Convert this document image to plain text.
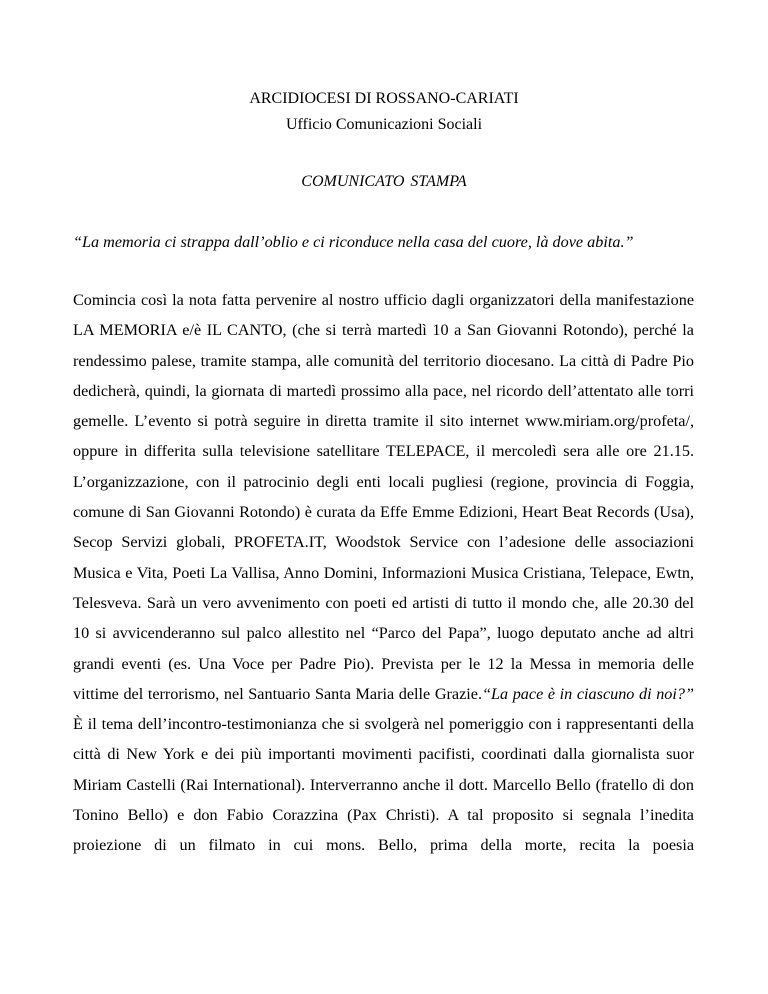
ARCIDIOCESI DI ROSSANO-CARIATI
Ufficio Comunicazioni Sociali
COMUNICATO STAMPA
“La memoria ci strappa dall’oblio e ci riconduce nella casa del cuore, là dove abita.”
Comincia così la nota fatta pervenire al nostro ufficio dagli organizzatori della manifestazione LA MEMORIA e/è IL CANTO, (che si terrà martedì 10 a San Giovanni Rotondo), perché la rendessimo palese, tramite stampa, alle comunità del territorio diocesano. La città di Padre Pio dedicherà, quindi, la giornata di martedì prossimo alla pace, nel ricordo dell’attentato alle torri gemelle. L’evento si potrà seguire in diretta tramite il sito internet www.miriam.org/profeta/, oppure in differita sulla televisione satellitare TELEPACE, il mercoledì sera alle ore 21.15. L’organizzazione, con il patrocinio degli enti locali pugliesi (regione, provincia di Foggia, comune di San Giovanni Rotondo) è curata da Effe Emme Edizioni, Heart Beat Records (Usa), Secop Servizi globali, PROFETA.IT, Woodstok Service con l’adesione delle associazioni Musica e Vita, Poeti La Vallisa, Anno Domini, Informazioni Musica Cristiana, Telepace, Ewtn, Telesveva. Sarà un vero avvenimento con poeti ed artisti di tutto il mondo che, alle 20.30 del 10 si avvicenderanno sul palco allestito nel “Parco del Papa”, luogo deputato anche ad altri grandi eventi (es. Una Voce per Padre Pio). Prevista per le 12 la Messa in memoria delle vittime del terrorismo, nel Santuario Santa Maria delle Grazie.“La pace è in ciascuno di noi?” È il tema dell’incontro-testimonianza che si svolgerà nel pomeriggio con i rappresentanti della città di New York e dei più importanti movimenti pacifisti, coordinati dalla giornalista suor Miriam Castelli (Rai International). Interverranno anche il dott. Marcello Bello (fratello di don Tonino Bello) e don Fabio Corazzina (Pax Christi). A tal proposito si segnala l’inedita proiezione di un filmato in cui mons. Bello, prima della morte, recita la poesia
